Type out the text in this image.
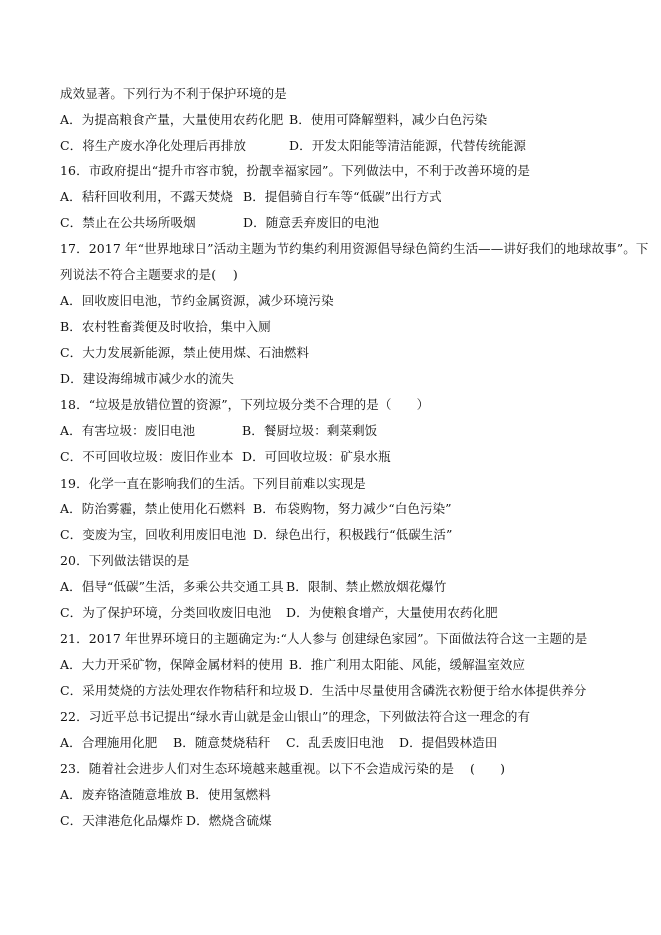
成效显著。下列行为不利于保护环境的是
A．为提高粮食产量，大量使用农药化肥 B．使用可降解塑料，减少白色污染
C．将生产废水净化处理后再排放	D．开发太阳能等清洁能源，代替传统能源
16．市政府提出“提升市容市貌，扮靓幸福家园”。下列做法中，不利于改善环境的是
A．秸秆回收利用，不露天焚烧 B．提倡骑自行车等“低碳”出行方式
C．禁止在公共场所吸烟	D．随意丢弃废旧的电池
17．2017 年“世界地球日”活动主题为节约集约利用资源倡导绿色简约生活——讲好我们的地球故事”。下
列说法不符合主题要求的是(　 )
A．回收废旧电池，节约金属资源，减少环境污染
B．农村牲畜粪便及时收拾，集中入厕
C．大力发展新能源，禁止使用煤、石油燃料
D．建设海绵城市减少水的流失
18．“垃圾是放错位置的资源”，下列垃圾分类不合理的是（　　）
A．有害垃圾：废旧电池	B．餐厨垃圾：剩菜剩饭
C．不可回收垃圾：废旧作业本 D．可回收垃圾：矿泉水瓶
19．化学一直在影响我们的生活。下列目前难以实现是
A．防治雾霾，禁止使用化石燃料 B．布袋购物，努力减少“白色污染”
C．变废为宝，回收利用废旧电池 D．绿色出行，积极践行“低碳生活”
20．下列做法错误的是
A．倡导“低碳”生活，多乘公共交通工具 B．限制、禁止燃放烟花爆竹
C．为了保护环境，分类回收废旧电池 D．为使粮食增产，大量使用农药化肥
21．2017 年世界环境日的主题确定为:“人人参与 创建绿色家园”。下面做法符合这一主题的是
A．大力开采矿物，保障金属材料的使用 B．推广利用太阳能、风能，缓解温室效应
C．采用焚烧的方法处理农作物秸秆和垃圾 D．生活中尽量使用含磷洗衣粉便于给水体提供养分
22．习近平总书记提出“绿水青山就是金山银山”的理念，下列做法符合这一理念的有
A．合理施用化肥 B．随意焚烧秸秆 C．乱丢废旧电池 D．提倡毁林造田
23．随着社会进步人们对生态环境越来越重视。以下不会造成污染的是 (　　)
A．废弃铬渣随意堆放 B．使用氢燃料
C．天津港危化品爆炸 D．燃烧含硫煤
